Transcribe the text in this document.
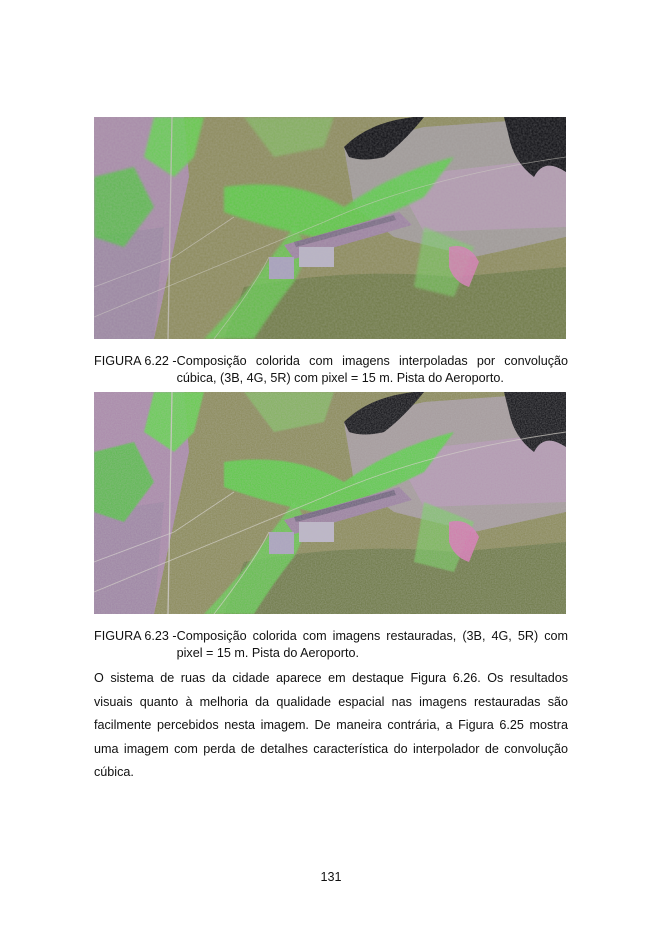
FIGURA 6.22 - Composição colorida com imagens interpoladas por convolução cúbica, (3B, 4G, 5R) com pixel = 15 m. Pista do Aeroporto.
FIGURA 6.23 - Composição colorida com imagens restauradas, (3B, 4G, 5R) com pixel = 15 m. Pista do Aeroporto.

O sistema de ruas da cidade aparece em destaque Figura 6.26. Os resultados visuais quanto à melhoria da qualidade espacial nas imagens restauradas são facilmente percebidos nesta imagem. De maneira contrária, a Figura 6.25 mostra uma imagem com perda de detalhes característica do interpolador de convolução cúbica.

131
